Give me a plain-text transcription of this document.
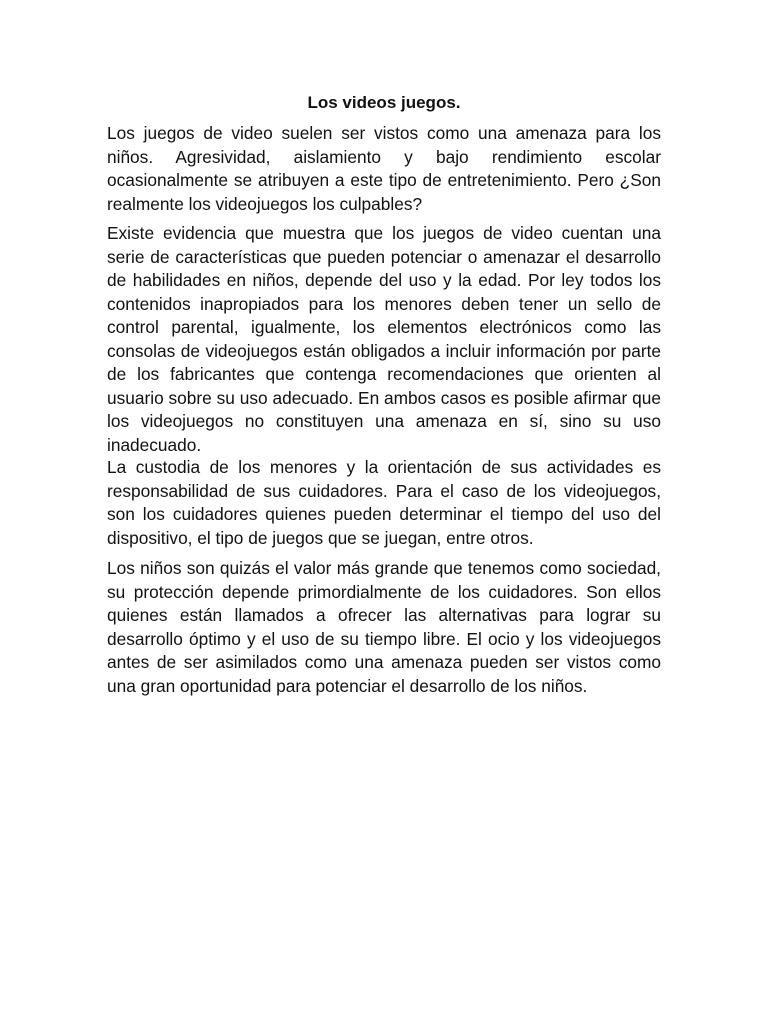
Los videos juegos.

Los juegos de video suelen ser vistos como una amenaza para los niños. Agresividad, aislamiento y bajo rendimiento escolar ocasionalmente se atribuyen a este tipo de entretenimiento. Pero ¿Son realmente los videojuegos los culpables?

Existe evidencia que muestra que los juegos de video cuentan una serie de características que pueden potenciar o amenazar el desarrollo de habilidades en niños, depende del uso y la edad. Por ley todos los contenidos inapropiados para los menores deben tener un sello de control parental, igualmente, los elementos electrónicos como las consolas de videojuegos están obligados a incluir información por parte de los fabricantes que contenga recomendaciones que orienten al usuario sobre su uso adecuado. En ambos casos es posible afirmar que los videojuegos no constituyen una amenaza en sí, sino su uso inadecuado.

La custodia de los menores y la orientación de sus actividades es responsabilidad de sus cuidadores. Para el caso de los videojuegos, son los cuidadores quienes pueden determinar el tiempo del uso del dispositivo, el tipo de juegos que se juegan, entre otros.

Los niños son quizás el valor más grande que tenemos como sociedad, su protección depende primordialmente de los cuidadores. Son ellos quienes están llamados a ofrecer las alternativas para lograr su desarrollo óptimo y el uso de su tiempo libre. El ocio y los videojuegos antes de ser asimilados como una amenaza pueden ser vistos como una gran oportunidad para potenciar el desarrollo de los niños.
